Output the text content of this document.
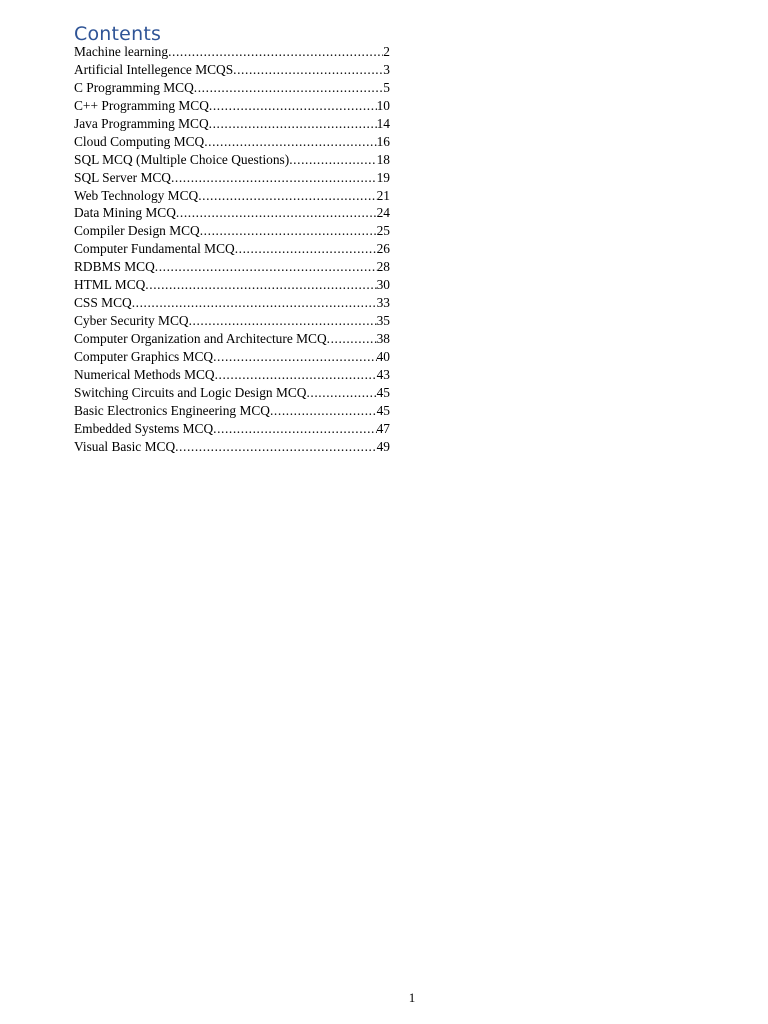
Contents
Machine learning .....	2
Artificial Intellegence MCQS .....	3
C Programming MCQ .....	5
C++ Programming MCQ .....	10
Java Programming MCQ .....	14
Cloud Computing MCQ .....	16
SQL MCQ (Multiple Choice Questions) .....	18
SQL Server MCQ .....	19
Web Technology MCQ .....	21
Data Mining MCQ .....	24
Compiler Design MCQ .....	25
Computer Fundamental MCQ .....	26
RDBMS MCQ .....	28
HTML MCQ .....	30
CSS MCQ .....	33
Cyber Security MCQ .....	35
Computer Organization and Architecture MCQ .....	38
Computer Graphics MCQ .....	40
Numerical Methods MCQ .....	43
Switching Circuits and Logic Design MCQ .....	45
Basic Electronics Engineering MCQ .....	45
Embedded Systems MCQ .....	47
Visual Basic MCQ .....	49
1
